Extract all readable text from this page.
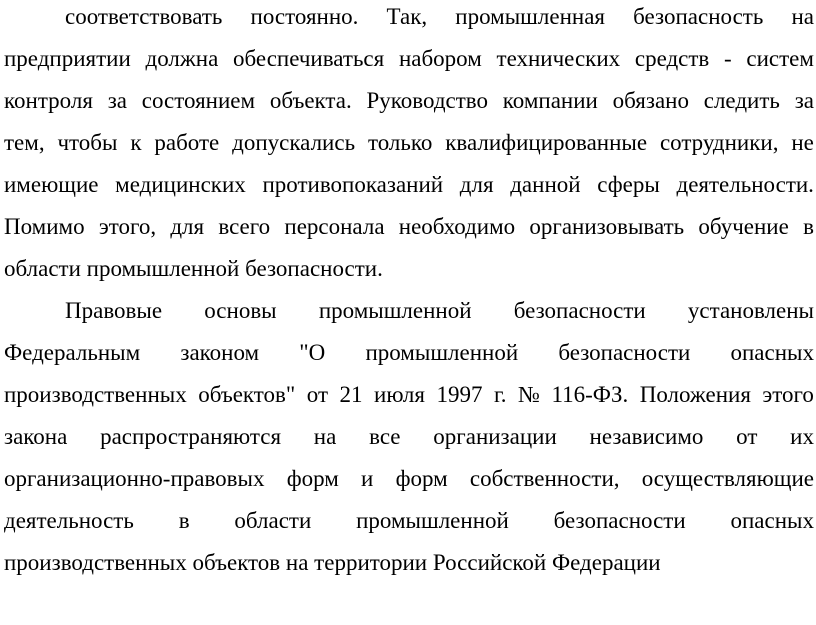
соответствовать постоянно. Так, промышленная безопасность на
предприятии должна обеспечиваться набором технических средств - систем
контроля за состоянием объекта. Руководство компании обязано следить за
тем, чтобы к работе допускались только квалифицированные сотрудники, не
имеющие медицинских противопоказаний для данной сферы деятельности.
Помимо этого, для всего персонала необходимо организовывать обучение в
области промышленной безопасности.
Правовые основы промышленной безопасности установлены
Федеральным законом "О промышленной безопасности опасных
производственных объектов" от 21 июля 1997 г. № 116-ФЗ. Положения этого
закона распространяются на все организации независимо от их
организационно-правовых форм и форм собственности, осуществляющие
деятельность в области промышленной безопасности опасных
производственных объектов на территории Российской Федерации
